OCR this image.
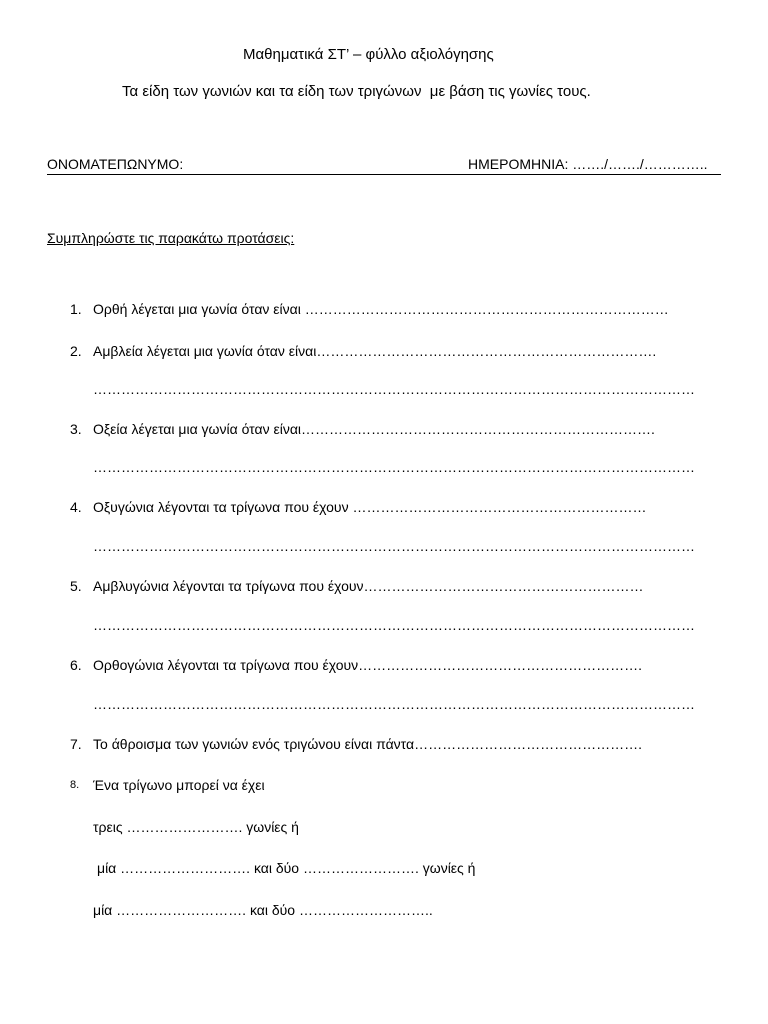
Μαθηματικά ΣΤ’ – φύλλο αξιολόγησης
Τα είδη των γωνιών και τα είδη των τριγώνων  με βάση τις γωνίες τους.
ΟΝΟΜΑΤΕΠΩΝΥΜΟ:	ΗΜΕΡΟΜΗΝΙΑ: ……./……./…………..
Συμπληρώστε τις παρακάτω προτάσεις:
1. Ορθή λέγεται μια γωνία όταν είναι ……………………………………………………………………
2. Αμβλεία λέγεται μια γωνία όταν είναι……………………………………………………………….
…………………………………………………………………………………………………………………
3. Οξεία λέγεται μια γωνία όταν είναι………………………………………………………………….
…………………………………………………………………………………………………………………
4. Οξυγώνια λέγονται τα τρίγωνα που έχουν ………………………………………………………
…………………………………………………………………………………………………………………
5. Αμβλυγώνια λέγονται τα τρίγωνα που έχουν……………………………………………………
…………………………………………………………………………………………………………………
6. Ορθογώνια λέγονται τα τρίγωνα που έχουν…………………………………………………….
…………………………………………………………………………………………………………………
7. Το άθροισμα των γωνιών ενός τριγώνου είναι πάντα………………………………………….
8. Ένα τρίγωνο μπορεί να έχει
τρεις ……………………. γωνίες ή
μία ………………………. και δύο ……………………. γωνίες ή
μία ………………………. και δύο ………………………..
